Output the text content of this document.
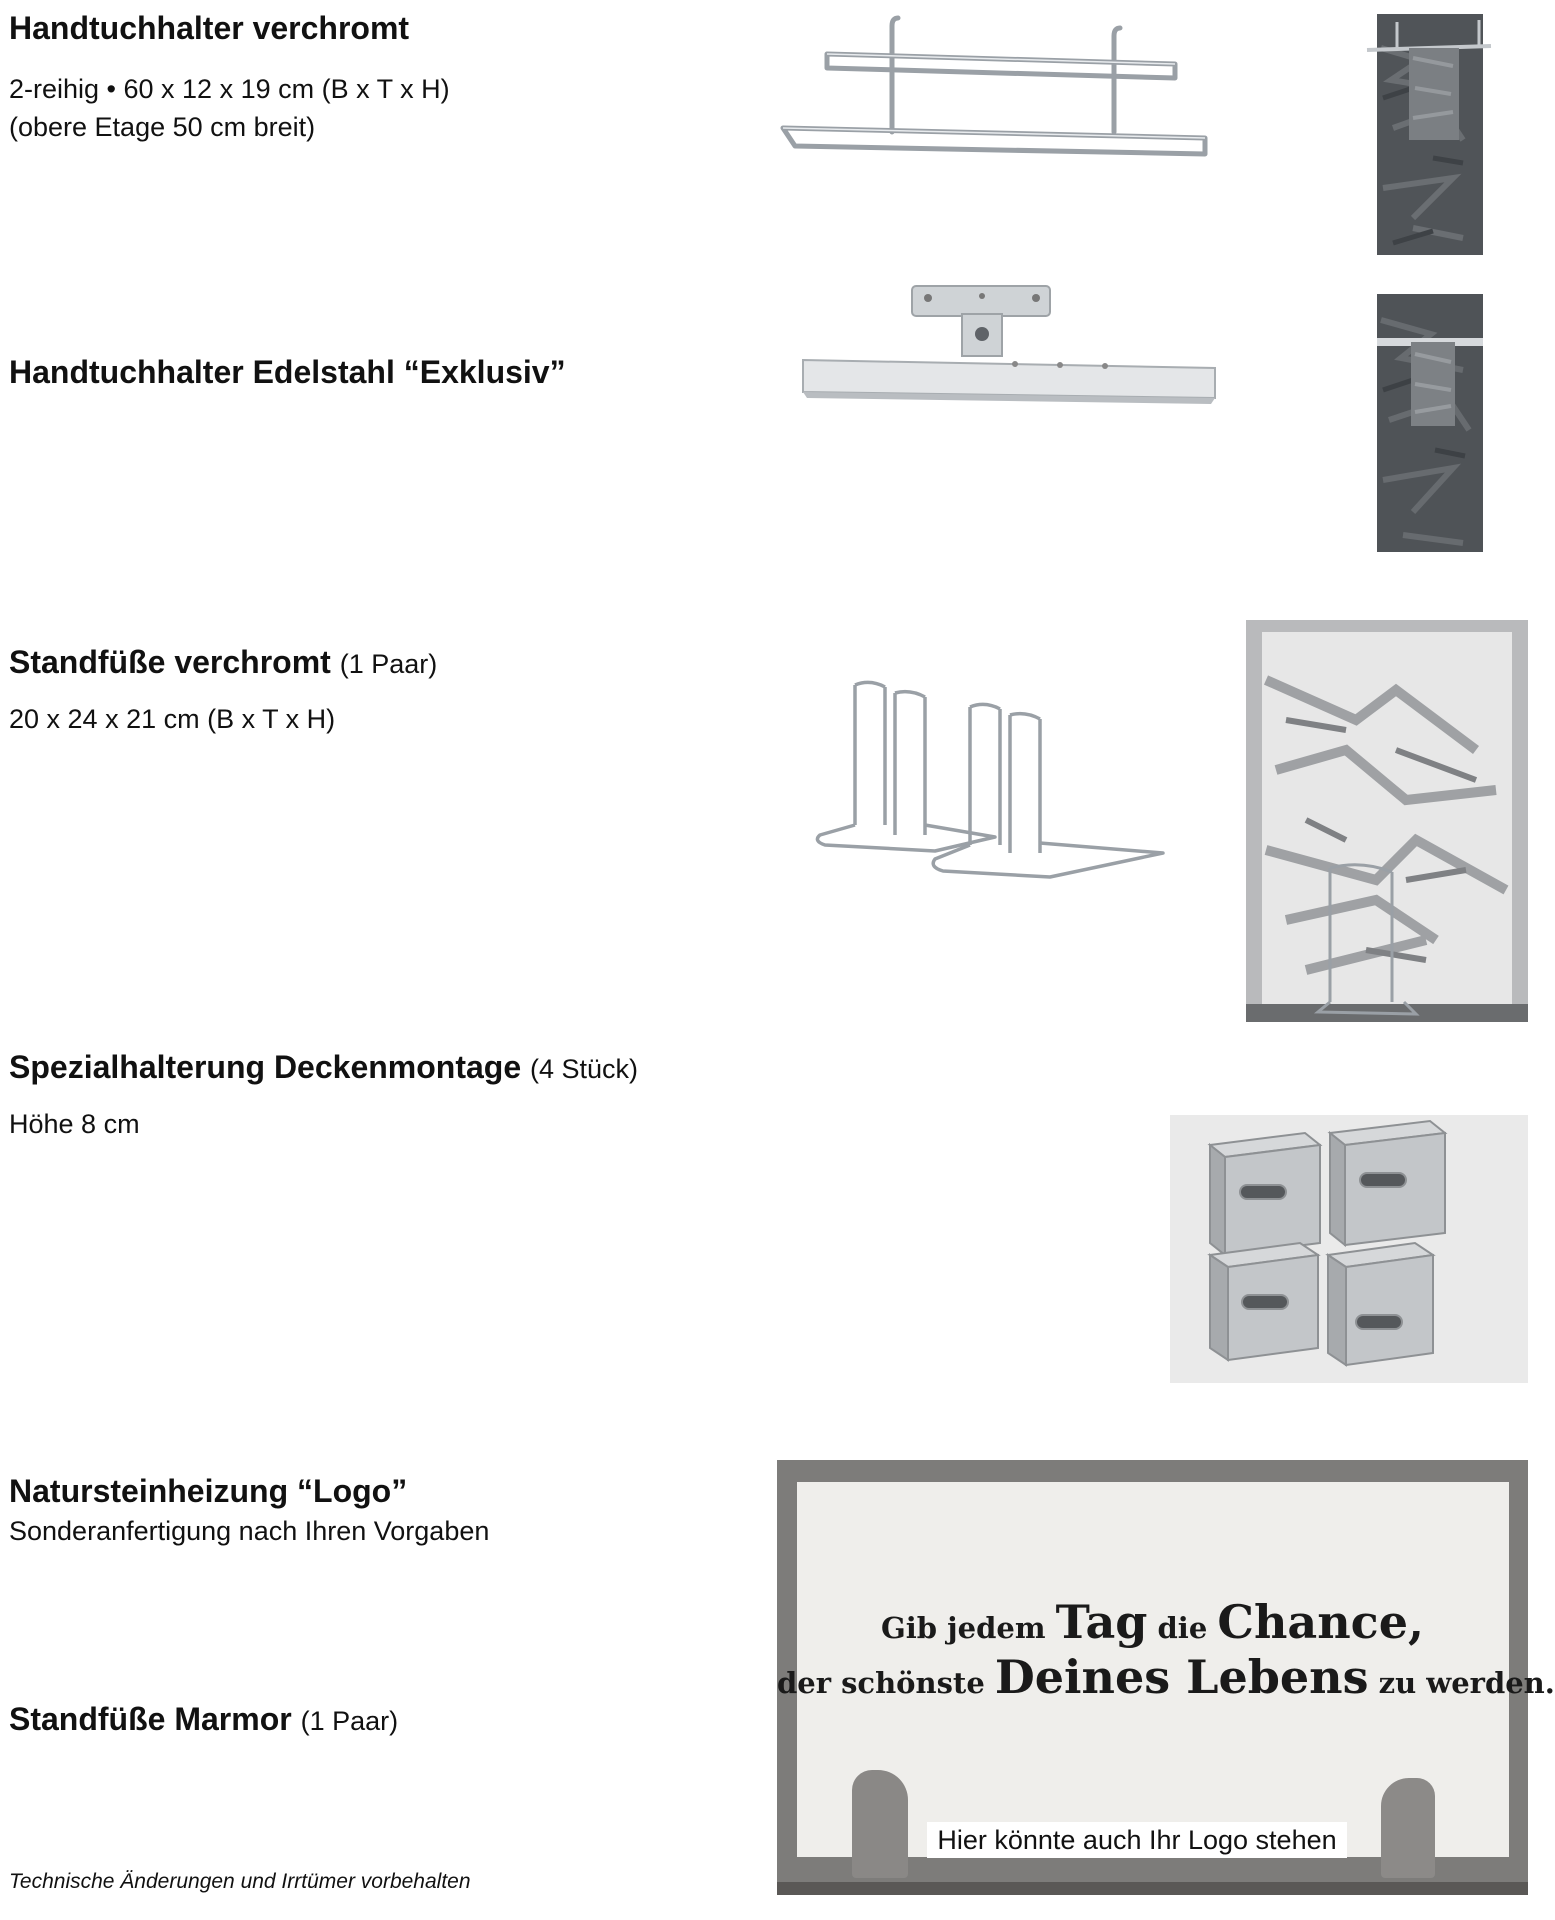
Handtuchhalter verchromt
2-reihig • 60 x 12 x 19 cm (B x T x H)
(obere Etage 50 cm breit)
Handtuchhalter Edelstahl “Exklusiv”
Standfüße verchromt (1 Paar)
20 x 24 x 21 cm (B x T x H)
Spezialhalterung Deckenmontage (4 Stück)
Höhe 8 cm
Natursteinheizung “Logo”
Sonderanfertigung nach Ihren Vorgaben
Standfüße Marmor (1 Paar)
Gib jedem Tag die Chance,
der schönste Deines Lebens zu werden.
Hier könnte auch Ihr Logo stehen
Technische Änderungen und Irrtümer vorbehalten
